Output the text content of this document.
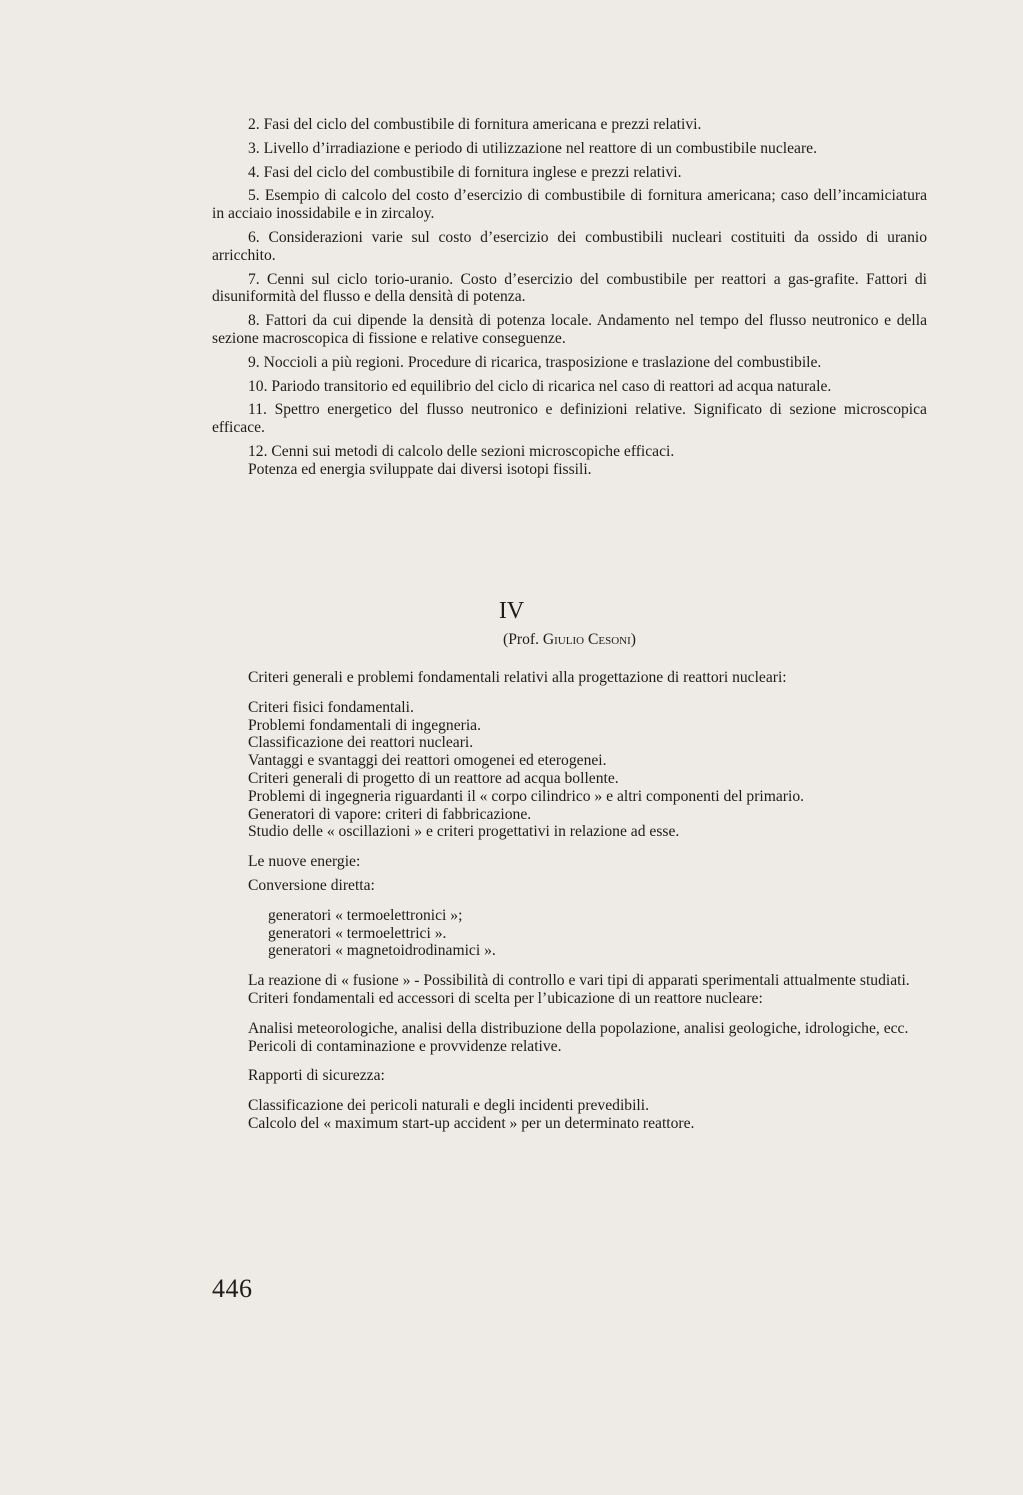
2. Fasi del ciclo del combustibile di fornitura americana e prezzi relativi.

3. Livello d’irradiazione e periodo di utilizzazione nel reattore di un combustibile nucleare.

4. Fasi del ciclo del combustibile di fornitura inglese e prezzi relativi.

5. Esempio di calcolo del costo d’esercizio di combustibile di fornitura americana; caso dell’incamiciatura in acciaio inossidabile e in zircaloy.

6. Considerazioni varie sul costo d’esercizio dei combustibili nucleari costituiti da ossido di uranio arricchito.

7. Cenni sul ciclo torio-uranio. Costo d’esercizio del combustibile per reattori a gas-grafite. Fattori di disuniformità del flusso e della densità di potenza.

8. Fattori da cui dipende la densità di potenza locale. Andamento nel tempo del flusso neutronico e della sezione macroscopica di fissione e relative conseguenze.

9. Noccioli a più regioni. Procedure di ricarica, trasposizione e traslazione del combustibile.

10. Pariodo transitorio ed equilibrio del ciclo di ricarica nel caso di reattori ad acqua naturale.

11. Spettro energetico del flusso neutronico e definizioni relative. Significato di sezione microscopica efficace.

12. Cenni sui metodi di calcolo delle sezioni microscopiche efficaci.

Potenza ed energia sviluppate dai diversi isotopi fissili.

IV
(Prof. Giulio Cesoni)

Criteri generali e problemi fondamentali relativi alla progettazione di reattori nucleari:

Criteri fisici fondamentali.

Problemi fondamentali di ingegneria.

Classificazione dei reattori nucleari.

Vantaggi e svantaggi dei reattori omogenei ed eterogenei.

Criteri generali di progetto di un reattore ad acqua bollente.

Problemi di ingegneria riguardanti il « corpo cilindrico » e altri componenti del primario.

Generatori di vapore: criteri di fabbricazione.

Studio delle « oscillazioni » e criteri progettativi in relazione ad esse.

Le nuove energie:

Conversione diretta:

generatori « termoelettronici »;

generatori « termoelettrici ».

generatori « magnetoidrodinamici ».

La reazione di « fusione » - Possibilità di controllo e vari tipi di apparati sperimentali attualmente studiati.

Criteri fondamentali ed accessori di scelta per l’ubicazione di un reattore nucleare:

Analisi meteorologiche, analisi della distribuzione della popolazione, analisi geologiche, idrologiche, ecc.

Pericoli di contaminazione e provvidenze relative.

Rapporti di sicurezza:

Classificazione dei pericoli naturali e degli incidenti prevedibili.

Calcolo del « maximum start-up accident » per un determinato reattore.

446
